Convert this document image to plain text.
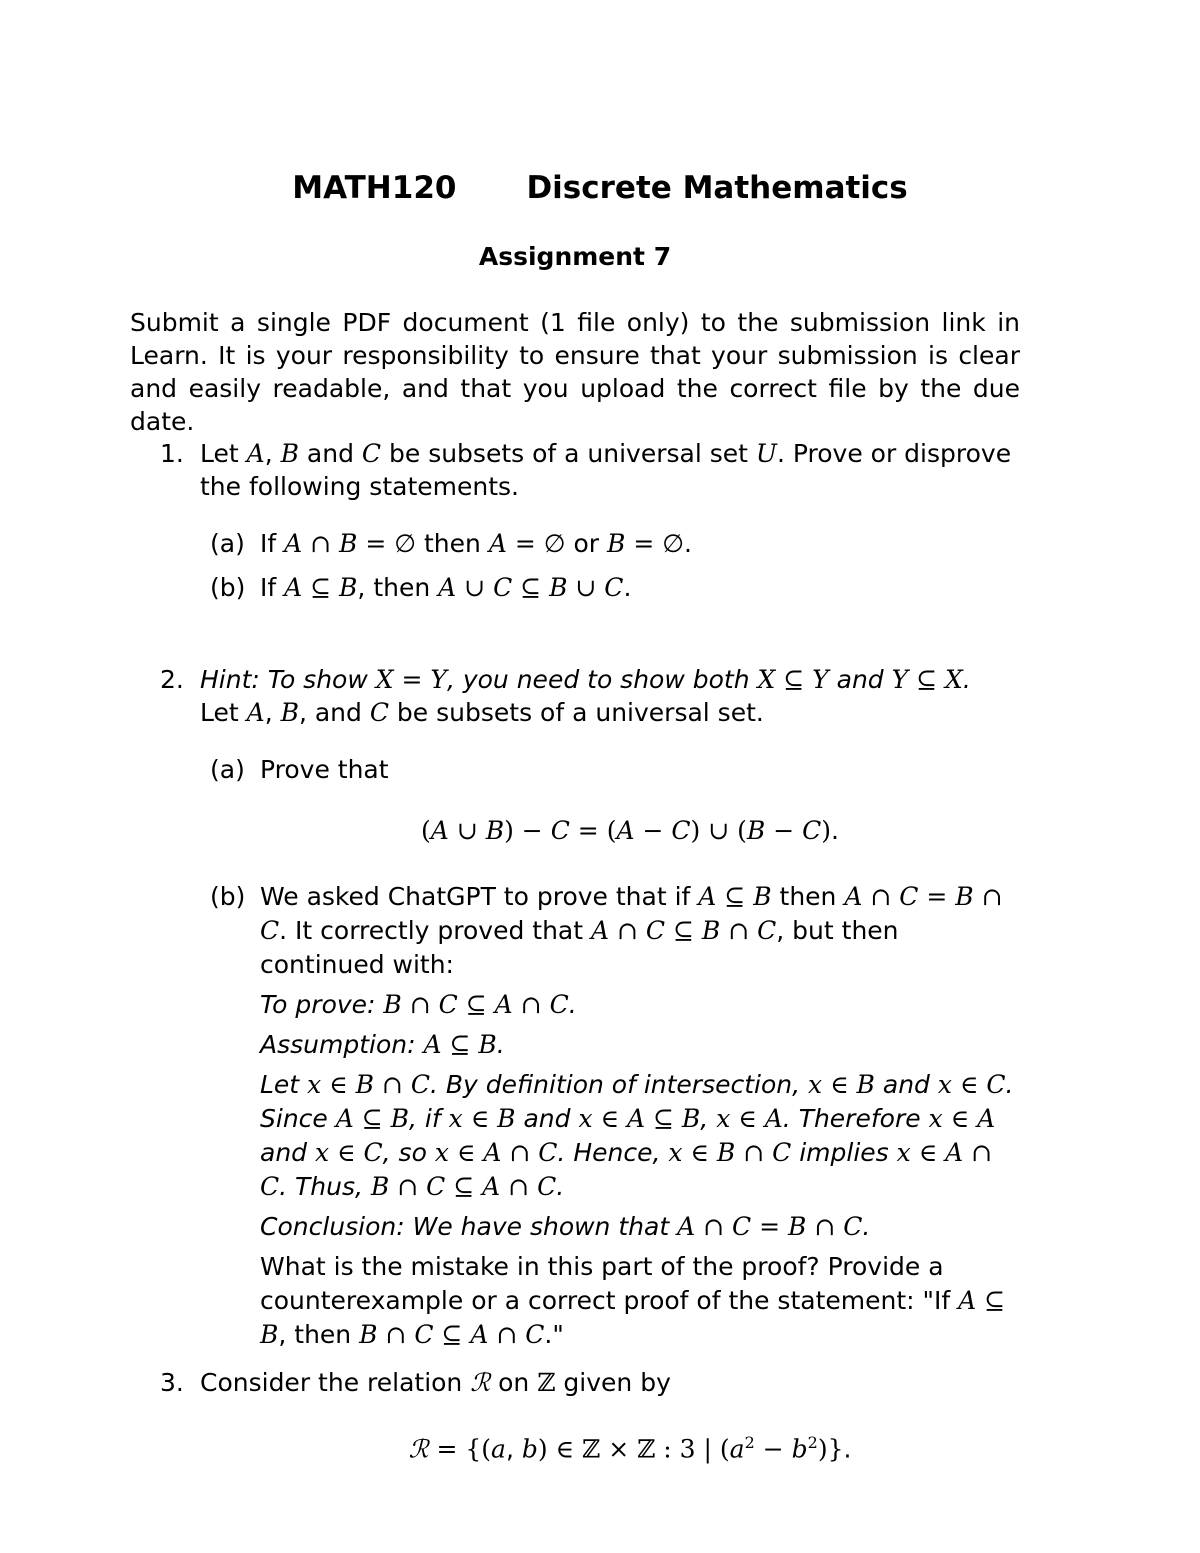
MATH120 Discrete Mathematics
Assignment 7
Submit a single PDF document (1 file only) to the submission link in Learn. It is your responsibility to ensure that your submission is clear and easily readable, and that you upload the correct file by the due date.
1. Let A, B and C be subsets of a universal set U. Prove or disprove the following statements.
(a) If A ∩ B = ∅ then A = ∅ or B = ∅.
(b) If A ⊆ B, then A ∪ C ⊆ B ∪ C.
2. Hint: To show X = Y, you need to show both X ⊆ Y and Y ⊆ X.
Let A, B, and C be subsets of a universal set.
(a) Prove that
(A ∪ B) − C = (A − C) ∪ (B − C).
(b) We asked ChatGPT to prove that if A ⊆ B then A ∩ C = B ∩ C. It correctly proved that A ∩ C ⊆ B ∩ C, but then continued with:

To prove: B ∩ C ⊆ A ∩ C.

Assumption: A ⊆ B.

Let x ∈ B ∩ C. By definition of intersection, x ∈ B and x ∈ C. Since A ⊆ B, if x ∈ B and x ∈ A ⊆ B, x ∈ A. Therefore x ∈ A and x ∈ C, so x ∈ A ∩ C. Hence, x ∈ B ∩ C implies x ∈ A ∩ C. Thus, B ∩ C ⊆ A ∩ C.

Conclusion: We have shown that A ∩ C = B ∩ C.

What is the mistake in this part of the proof? Provide a counterexample or a correct proof of the statement: "If A ⊆ B, then B ∩ C ⊆ A ∩ C."

3. Consider the relation ℛ on ℤ given by
ℛ = {(a, b) ∈ ℤ × ℤ : 3 | $(a^2 - b^2)$}.
